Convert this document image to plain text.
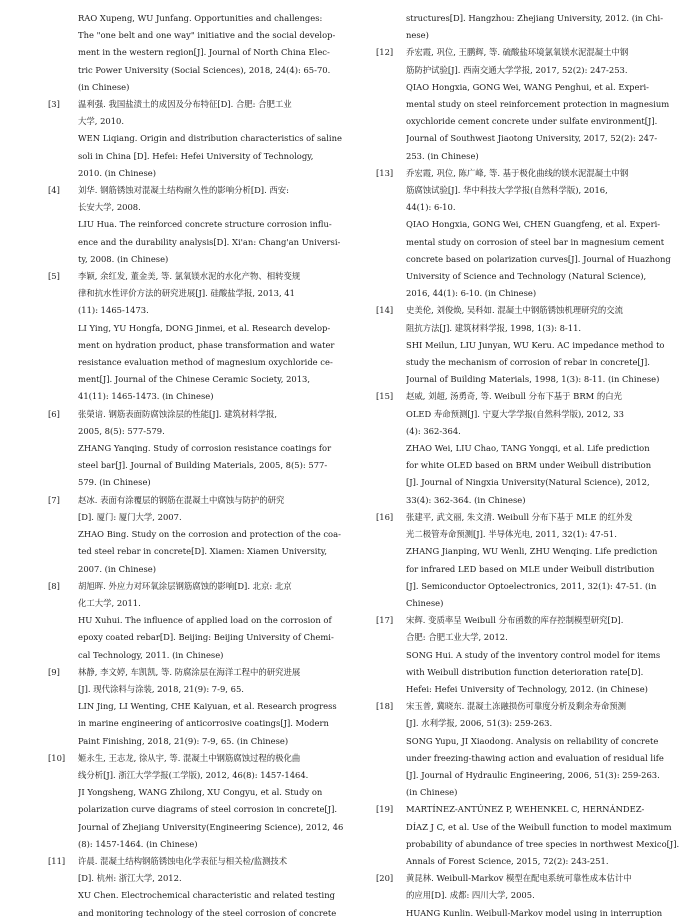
RAO Xupeng, WU Junfang. Opportunities and challenges:
The "one belt and one way" initiative and the social develop-
ment in the western region[J]. Journal of North China Elec-
tric Power University (Social Sciences), 2018, 24(4): 65-70.
(in Chinese)
[3]	温利强. 我国盐渍土的成因及分布特征[D]. 合肥: 合肥工业
大学, 2010.
WEN Liqiang. Origin and distribution characteristics of saline
soli in China [D]. Hefei: Hefei University of Technology,
2010. (in Chinese)
[4]	刘华. 钢筋锈蚀对混凝土结构耐久性的影响分析[D]. 西安:
长安大学, 2008.
LIU Hua. The reinforced concrete structure corrosion influ-
ence and the durability analysis[D]. Xi'an: Chang'an Universi-
ty, 2008. (in Chinese)
[5]	李颖, 余红发, 董金美, 等. 氯氧镁水泥的水化产物、相转变规
律和抗水性评价方法的研究进展[J]. 硅酸盐学报, 2013, 41
(11): 1465-1473.
LI Ying, YU Hongfa, DONG Jinmei, et al. Research develop-
ment on hydration product, phase transformation and water
resistance evaluation method of magnesium oxychloride ce-
ment[J]. Journal of the Chinese Ceramic Society, 2013,
41(11): 1465-1473. (in Chinese)
[6]	张榮谙. 钢筋表面防腐蚀涂层的性能[J]. 建筑材料学报,
2005, 8(5): 577-579.
ZHANG Yanqing. Study of corrosion resistance coatings for
steel bar[J]. Journal of Building Materials, 2005, 8(5): 577-
579. (in Chinese)
[7]	赵冰. 表面有涂覆层的钢筋在混凝土中腐蚀与防护的研究
[D]. 厦门: 厦门大学, 2007.
ZHAO Bing. Study on the corrosion and protection of the coa-
ted steel rebar in concrete[D]. Xiamen: Xiamen University,
2007. (in Chinese)
[8]	胡旭晖. 外应力对环氧涂层钢筋腐蚀的影响[D]. 北京: 北京
化工大学, 2011.
HU Xuhui. The influence of applied load on the corrosion of
epoxy coated rebar[D]. Beijing: Beijing University of Chemi-
cal Technology, 2011. (in Chinese)
[9]	林静, 李文婷, 车凯凯, 等. 防腐涂层在海洋工程中的研究进展
[J]. 现代涂料与涂装, 2018, 21(9): 7-9, 65.
LIN Jing, LI Wenting, CHE Kaiyuan, et al. Research progress
in marine engineering of anticorrosive coatings[J]. Modern
Paint Finishing, 2018, 21(9): 7-9, 65. (in Chinese)
[10]	姬永生, 王志龙, 徐从宇, 等. 混凝土中钢筋腐蚀过程的极化曲
线分析[J]. 浙江大学学报(工学版), 2012, 46(8): 1457-1464.
JI Yongsheng, WANG Zhilong, XU Congyu, et al. Study on
polarization curve diagrams of steel corrosion in concrete[J].
Journal of Zhejiang University(Engineering Science), 2012, 46
(8): 1457-1464. (in Chinese)
[11]	许晨. 混凝土结构钢筋锈蚀电化学表征与相关检/监测技术
[D]. 杭州: 浙江大学, 2012.
XU Chen. Electrochemical characteristic and related testing
and monitoring technology of the steel corrosion of concrete
structures[D]. Hangzhou: Zhejiang University, 2012. (in Chi-
nese)
[12]	乔宏霞, 巩位, 王鹏辉, 等. 硫酸盐环境氯氧镁水泥混凝土中钢
筋防护试验[J]. 西南交通大学学报, 2017, 52(2): 247-253.
QIAO Hongxia, GONG Wei, WANG Penghui, et al. Experi-
mental study on steel reinforcement protection in magnesium
oxychloride cement concrete under sulfate environment[J].
Journal of Southwest Jiaotong University, 2017, 52(2): 247-
253. (in Chinese)
[13]	乔宏霞, 巩位, 陈广峰, 等. 基于极化曲线的镁水泥混凝土中钢
筋腐蚀试验[J]. 华中科技大学学报(自然科学版), 2016,
44(1): 6-10.
QIAO Hongxia, GONG Wei, CHEN Guangfeng, et al. Experi-
mental study on corrosion of steel bar in magnesium cement
concrete based on polarization curves[J]. Journal of Huazhong
University of Science and Technology (Natural Science),
2016, 44(1): 6-10. (in Chinese)
[14]	史美伦, 刘俊焕, 吴科如. 混凝土中钢筋锈蚀机理研究的交流
阻抗方法[J]. 建筑材料学报, 1998, 1(3): 8-11.
SHI Meilun, LIU Junyan, WU Keru. AC impedance method to
study the mechanism of corrosion of rebar in concrete[J].
Journal of Building Materials, 1998, 1(3): 8-11. (in Chinese)
[15]	赵威, 刘超, 汤勇奇, 等. Weibull 分布下基于 BRM 的白光
OLED 寿命预测[J]. 宁夏大学学报(自然科学版), 2012, 33
(4): 362-364.
ZHAO Wei, LIU Chao, TANG Yongqi, et al. Life prediction
for white OLED based on BRM under Weibull distribution
[J]. Journal of Ningxia University(Natural Science), 2012,
33(4): 362-364. (in Chinese)
[16]	张建平, 武文丽, 朱文清. Weibull 分布下基于 MLE 的红外发
光二极管寿命预测[J]. 半导体光电, 2011, 32(1): 47-51.
ZHANG Jianping, WU Wenli, ZHU Wenqing. Life prediction
for infrared LED based on MLE under Weibull distribution
[J]. Semiconductor Optoelectronics, 2011, 32(1): 47-51. (in
Chinese)
[17]	宋辉. 变质率呈 Weibull 分布函数的库存控制模型研究[D].
合肥: 合肥工业大学, 2012.
SONG Hui. A study of the inventory control model for items
with Weibull distribution function deterioration rate[D].
Hefei: Hefei University of Technology, 2012. (in Chinese)
[18]	宋玉普, 冀晓东. 混凝土冻融损伤可靠度分析及剩余寿命预测
[J]. 水利学报, 2006, 51(3): 259-263.
SONG Yupu, JI Xiaodong. Analysis on reliability of concrete
under freezing-thawing action and evaluation of residual life
[J]. Journal of Hydraulic Engineering, 2006, 51(3): 259-263.
(in Chinese)
[19]	MARTÍNEZ-ANTÚNEZ P, WEHENKEL C, HERNÁNDEZ-
DÍAZ J C, et al. Use of the Weibull function to model maximum
probability of abundance of tree species in northwest Mexico[J].
Annals of Forest Science, 2015, 72(2): 243-251.
[20]	黄昆林. Weibull-Markov 模型在配电系统可靠性成本估计中
的应用[D]. 成都: 四川大学, 2005.
HUANG Kunlin. Weibull-Markov model using in interruption
